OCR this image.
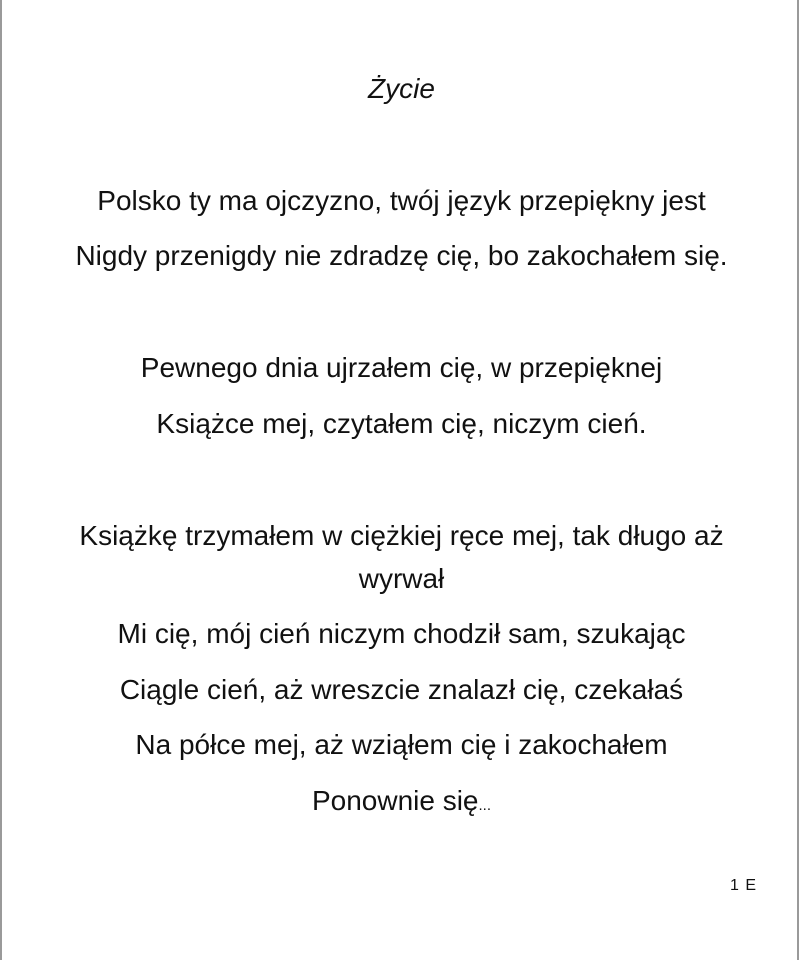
Życie
Polsko ty ma ojczyzno, twój język przepiękny jest
Nigdy przenigdy nie zdradzę cię, bo zakochałem się.
Pewnego dnia ujrzałem cię, w przepięknej
Książce mej, czytałem cię, niczym cień.
Książkę trzymałem w ciężkiej ręce mej, tak długo aż
wyrwał
Mi cię, mój cień niczym chodził sam, szukając
Ciągle cień, aż wreszcie znalazł cię, czekałaś
Na półce mej, aż wziąłem cię i zakochałem
Ponownie się...
1 E
